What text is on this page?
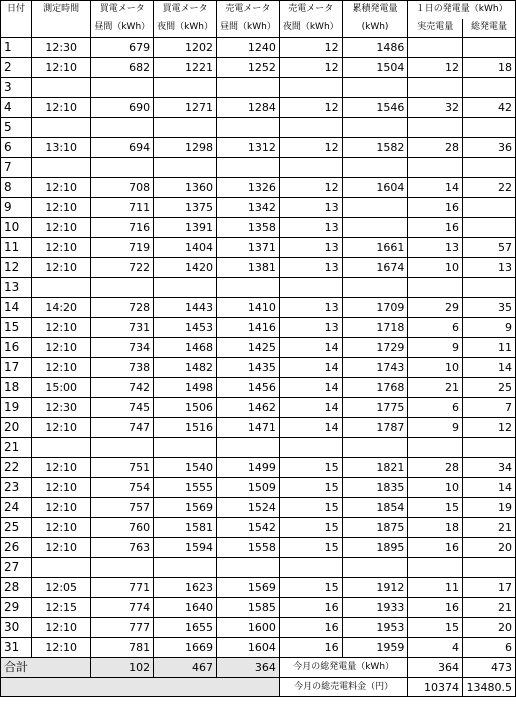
日付	測定時間	買電メータ	買電メータ	売電メータ	売電メータ	累積発電量	１日の発電量（kWh）	
		昼間（kWh）	夜間（kWh）	昼間（kWh）	夜間（kWh）	(kWh)	実売電量	総発電量
1	12:30	679	1202	1240	12	1486		
2	12:10	682	1221	1252	12	1504	12	18
3								
4	12:10	690	1271	1284	12	1546	32	42
5								
6	13:10	694	1298	1312	12	1582	28	36
7								
8	12:10	708	1360	1326	12	1604	14	22
9	12:10	711	1375	1342	13		16	
10	12:10	716	1391	1358	13		16	
11	12:10	719	1404	1371	13	1661	13	57
12	12:10	722	1420	1381	13	1674	10	13
13								
14	14:20	728	1443	1410	13	1709	29	35
15	12:10	731	1453	1416	13	1718	6	9
16	12:10	734	1468	1425	14	1729	9	11
17	12:10	738	1482	1435	14	1743	10	14
18	15:00	742	1498	1456	14	1768	21	25
19	12:30	745	1506	1462	14	1775	6	7
20	12:10	747	1516	1471	14	1787	9	12
21								
22	12:10	751	1540	1499	15	1821	28	34
23	12:10	754	1555	1509	15	1835	10	14
24	12:10	757	1569	1524	15	1854	15	19
25	12:10	760	1581	1542	15	1875	18	21
26	12:10	763	1594	1558	15	1895	16	20
27								
28	12:05	771	1623	1569	15	1912	11	17
29	12:15	774	1640	1585	16	1933	16	21
30	12:10	777	1655	1600	16	1953	15	20
31	12:10	781	1669	1604	16	1959	4	6
合計		102	467	364	今月の総発電量（kWh）		364	473
					今月の総売電料金（円）		10374	13480.5
